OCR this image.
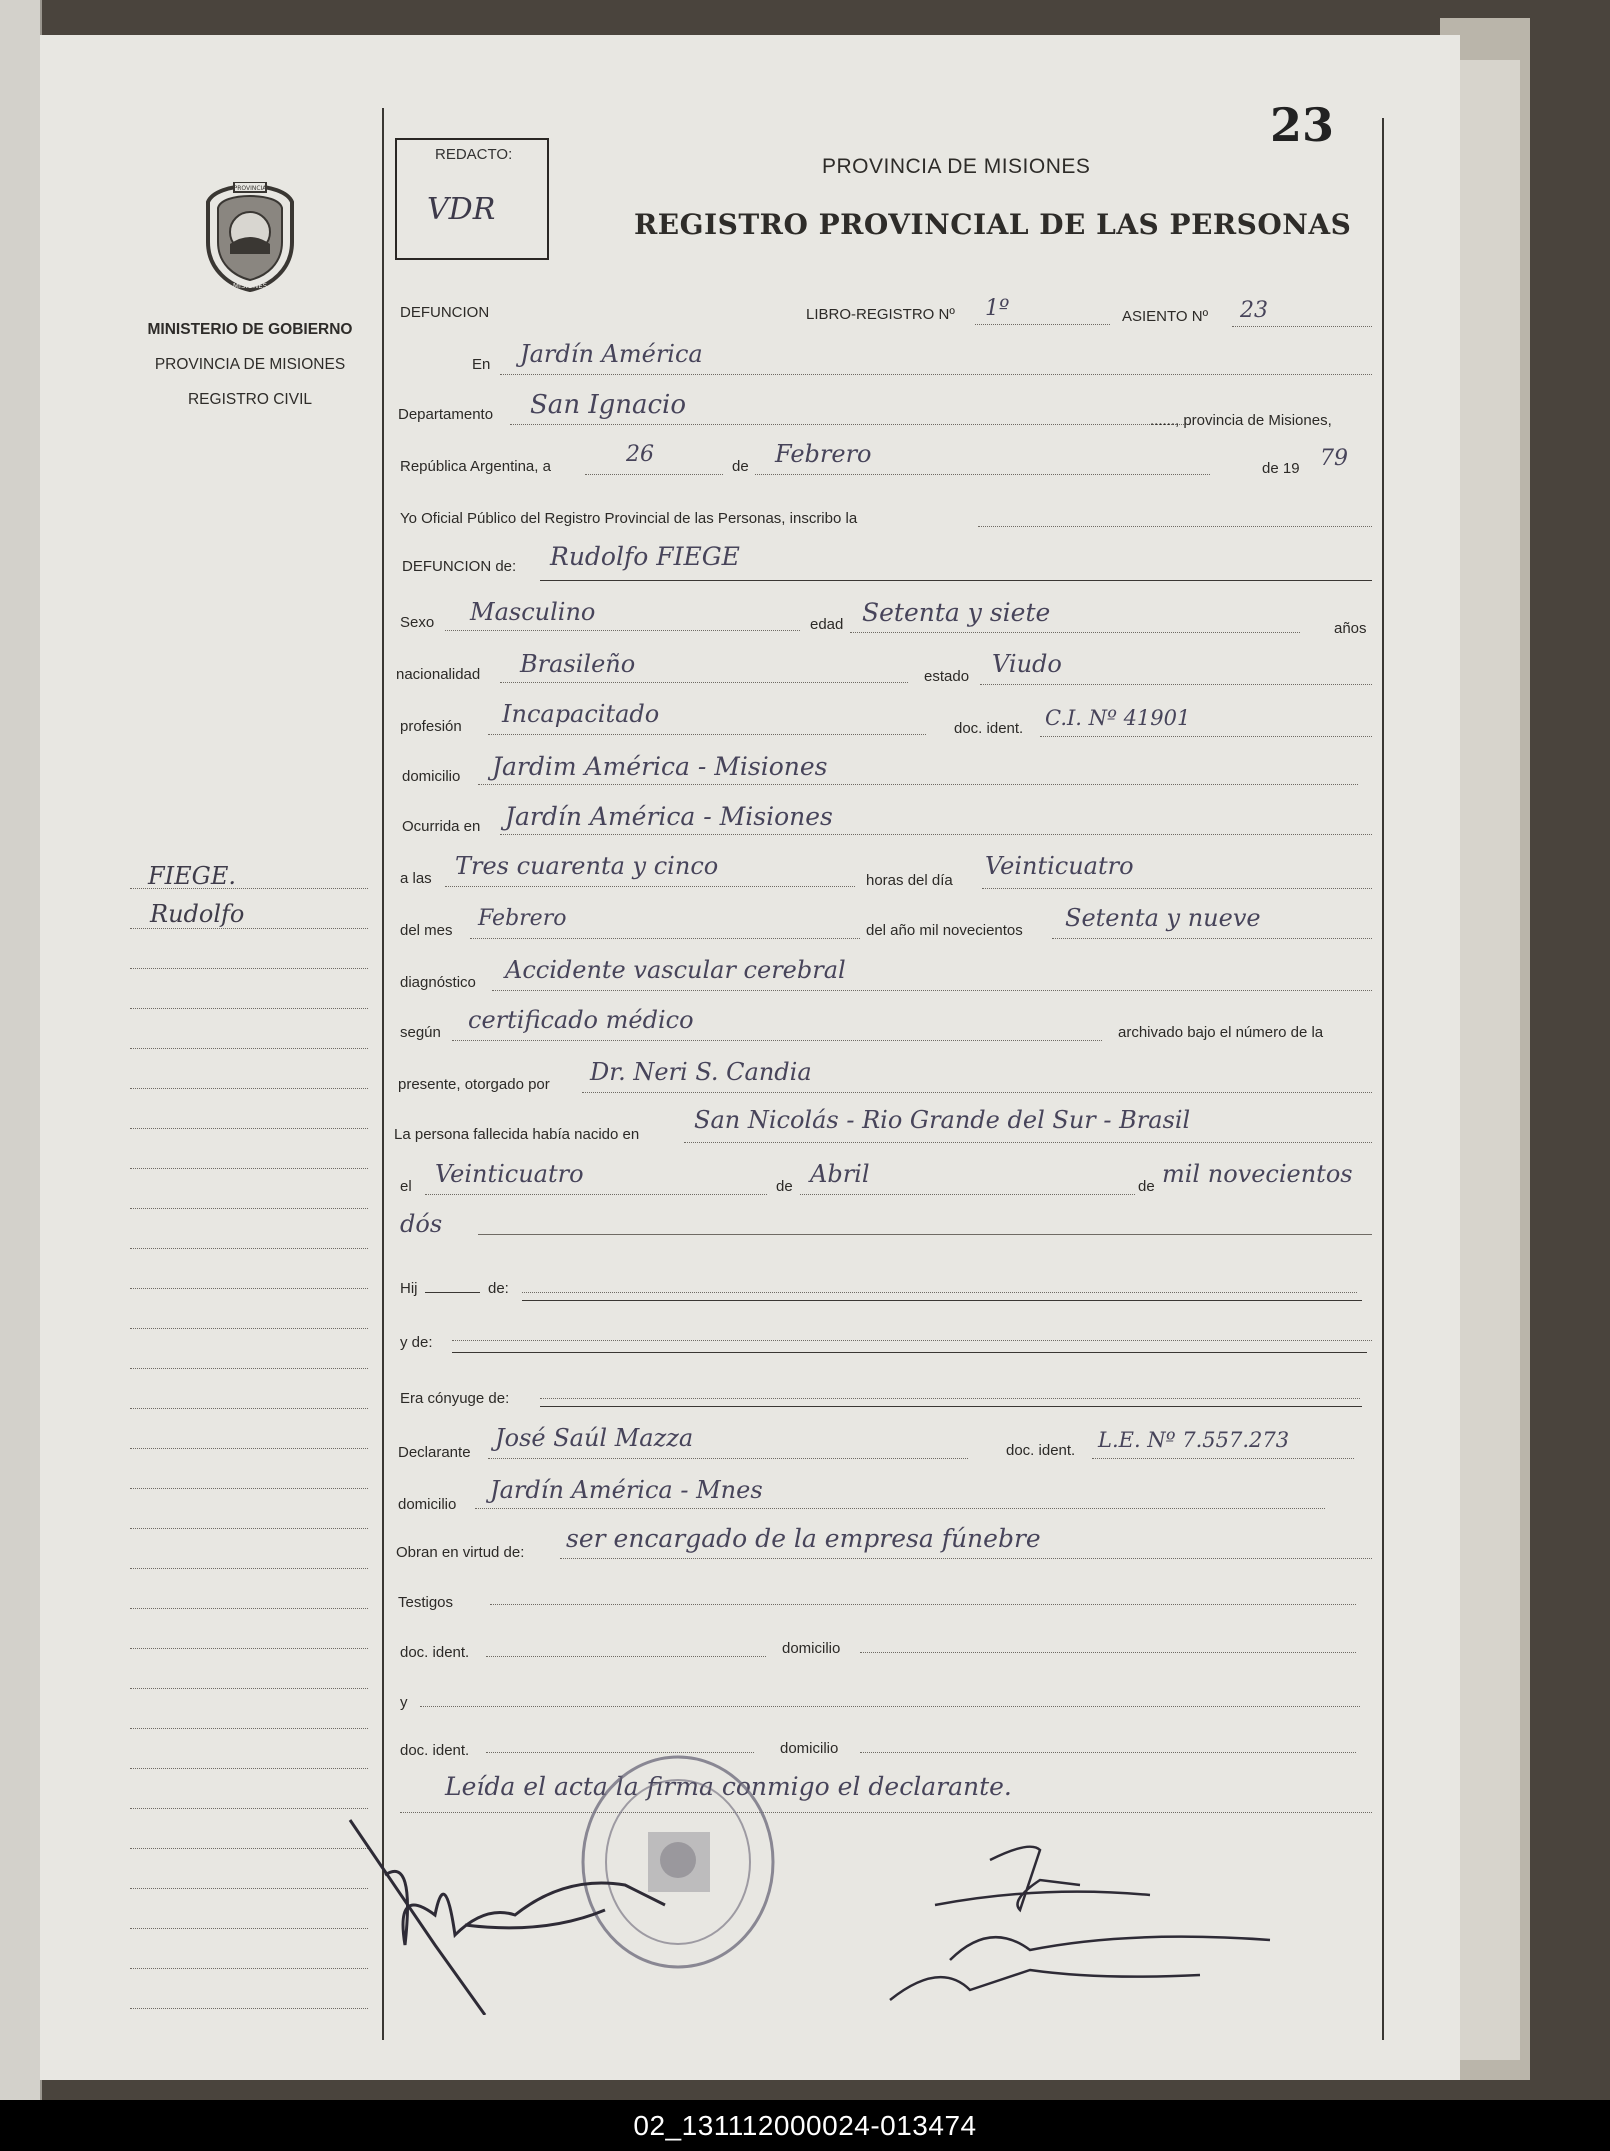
23
REDACTO:
VDR
PROVINCIA DE MISIONES
REGISTRO PROVINCIAL DE LAS PERSONAS
PROVINCIA
MISIONES
MINISTERIO DE GOBIERNO
PROVINCIA DE MISIONES
REGISTRO CIVIL
FIEGE.
Rudolfo
DEFUNCION	LIBRO-REGISTRO Nº 1º	ASIENTO Nº 23
En Jardín América
Departamento San Ignacio
......, provincia de Misiones,
República Argentina, a	26	de Febrero
de 19 79
Yo Oficial Público del Registro Provincial de las Personas, inscribo la
DEFUNCION de: Rudolfo FIEGE
Sexo Masculino	edad Setenta y siete
años
nacionalidad Brasileño	estado Viudo
profesión Incapacitado
doc. ident. C.I. Nº 41901
domicilio Jardim América - Misiones
Ocurrida en Jardín América - Misiones
a las Tres cuarenta y cinco
horas del día
Veinticuatro
del mes Febrero	del año mil novecientos Setenta y nueve
diagnóstico Accidente vascular cerebral
según certificado médico	archivado bajo el número de la
presente, otorgado por Dr. Neri S. Candia
La persona fallecida había nacido en
San Nicolás - Rio Grande del Sur - Brasil
el Veinticuatro	de Abril	de mil novecientos
dós
Hij	de:
y de:
Era cónyuge de:
Declarante
José Saúl Mazza	doc. ident. L.E. Nº 7.557.273
domicilio
Jardín América - Mnes
Obran en virtud de: ser encargado de la empresa fúnebre
Testigos
doc. ident.	domicilio
y
doc. ident.	domicilio
Leída el acta la firma conmigo el declarante.
02_131112000024-013474
